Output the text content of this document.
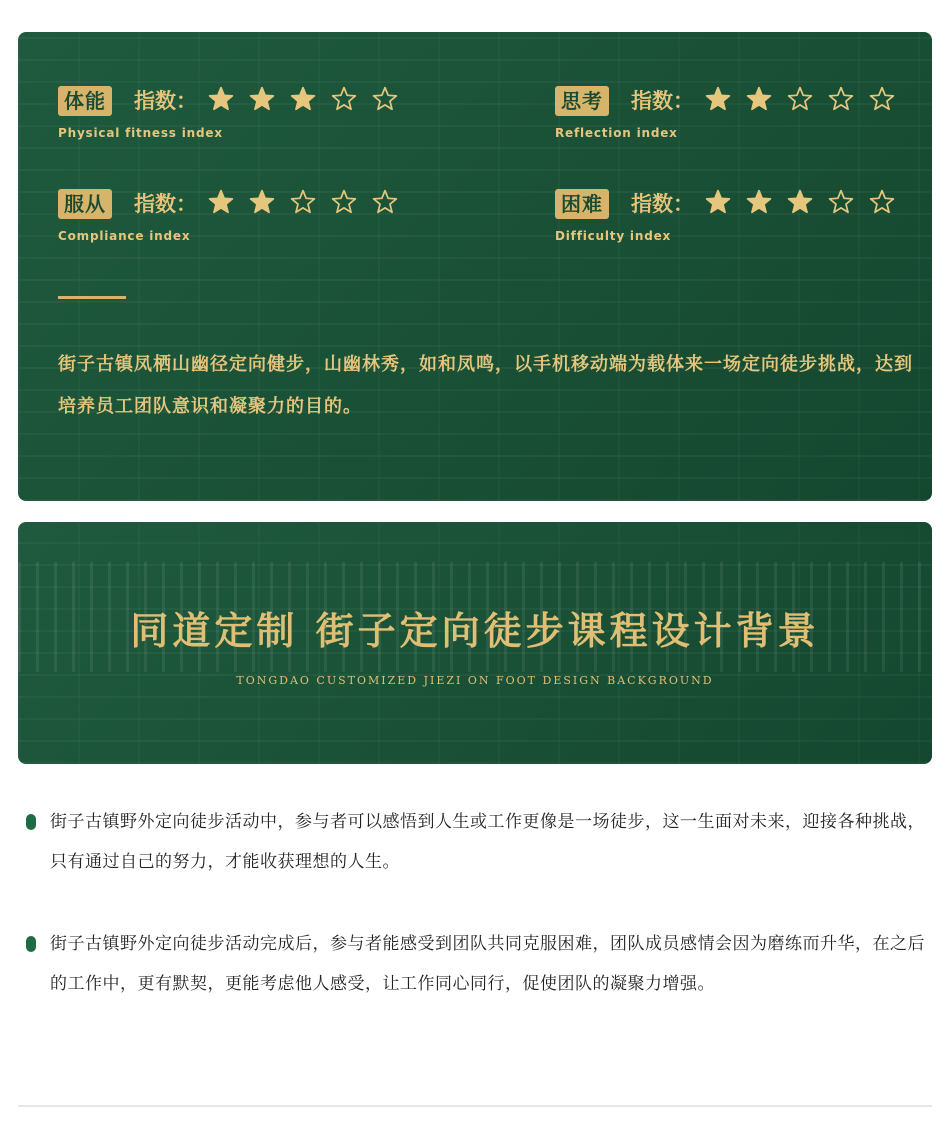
体能 指数：
Physical fitness index
思考 指数：
Reflection index
服从 指数：
Compliance index
困难 指数：
Difficulty index
街子古镇凤栖山幽径定向健步，山幽林秀，如和凤鸣，以手机移动端为载体来一场定向徒步挑战，达到培养员工团队意识和凝聚力的目的。
同道定制 街子定向徒步课程设计背景
TONGDAO CUSTOMIZED JIEZI ON FOOT DESIGN BACKGROUND
街子古镇野外定向徒步活动中，参与者可以感悟到人生或工作更像是一场徒步，这一生面对未来，迎接各种挑战，只有通过自己的努力，才能收获理想的人生。
街子古镇野外定向徒步活动完成后，参与者能感受到团队共同克服困难，团队成员感情会因为磨练而升华，在之后的工作中，更有默契，更能考虑他人感受，让工作同心同行，促使团队的凝聚力增强。
